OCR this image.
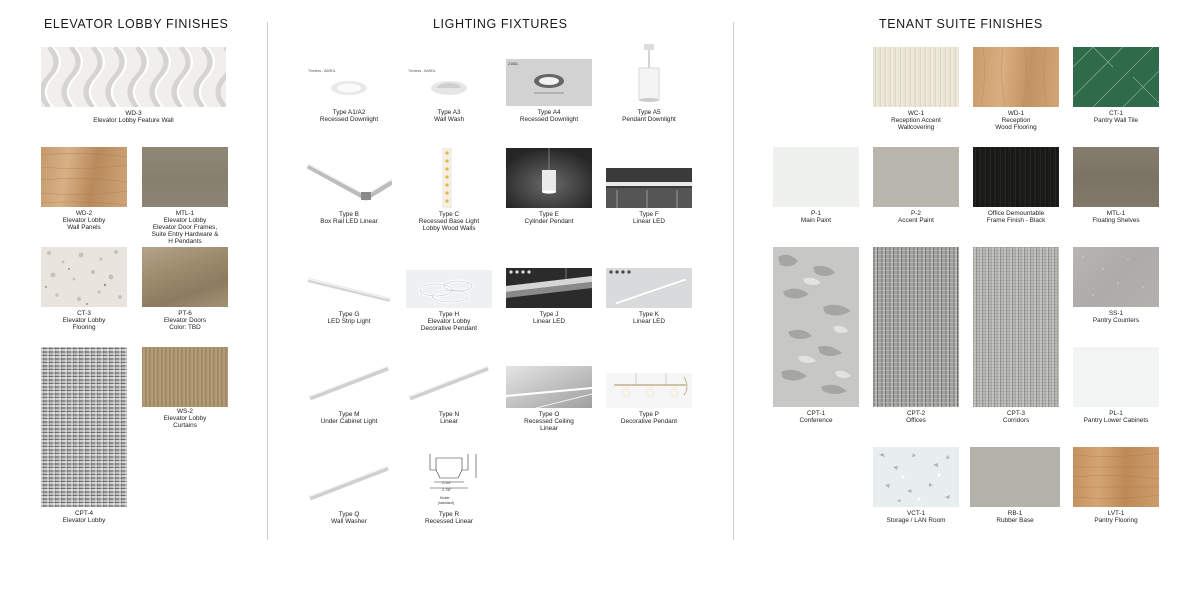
ELEVATOR LOBBY FINISHES	LIGHTING FIXTURES	TENANT SUITE FINISHES
WD-3
Elevator Lobby Feature Wall
WD-2
Elevator Lobby
Wall Panels
MTL-1
Elevator Lobby
Elevator Door Frames,
Suite Entry Hardware &
H Pendants
CT-3
Elevator Lobby
Flooring
PT-6
Elevator Doors
Color: TBD
CPT-4
Elevator Lobby
WS-2
Elevator Lobby
Curtains
Trimless - BARDL
Type A1/A2
Recessed Downlight
Trimless - BARDL
Type A3
Wall Wash
Z16DL
Type A4
Recessed Downlight
Type A5
Pendant Downlight
Type B
Box Rail LED Linear
Type C
Recessed Base Light
Lobby Wood Walls
Type E
Cylinder Pendant
Type F
Linear LED
Type G
LED Strip Light
Type H
Elevator Lobby
Decorative Pendant
Type J
Linear LED
Type K
Linear LED
Type M
Under Cabinet Light
Type N
Linear
Type O
Recessed Ceiling
Linear
Type P
Decorative Pendant
Type Q
Wall Washer
2-1/4"
2-7/8"
Kicker
(standard)
Type R
Recessed Linear
WC-1
Reception Accent
Wallcovering
WD-1
Reception
Wood Flooring
CT-1
Pantry Wall Tile
P-1
Main Paint
P-2
Accent Paint
Office Demountable
Frame Finish - Black
MTL-1
Floating Shelves
CPT-1
Conference
CPT-2
Offices
CPT-3
Corridors
SS-1
Pantry Counters
PL-1
Pantry Lower Cabinets
VCT-1
Storage / LAN Room
RB-1
Rubber Base
LVT-1
Pantry Flooring
